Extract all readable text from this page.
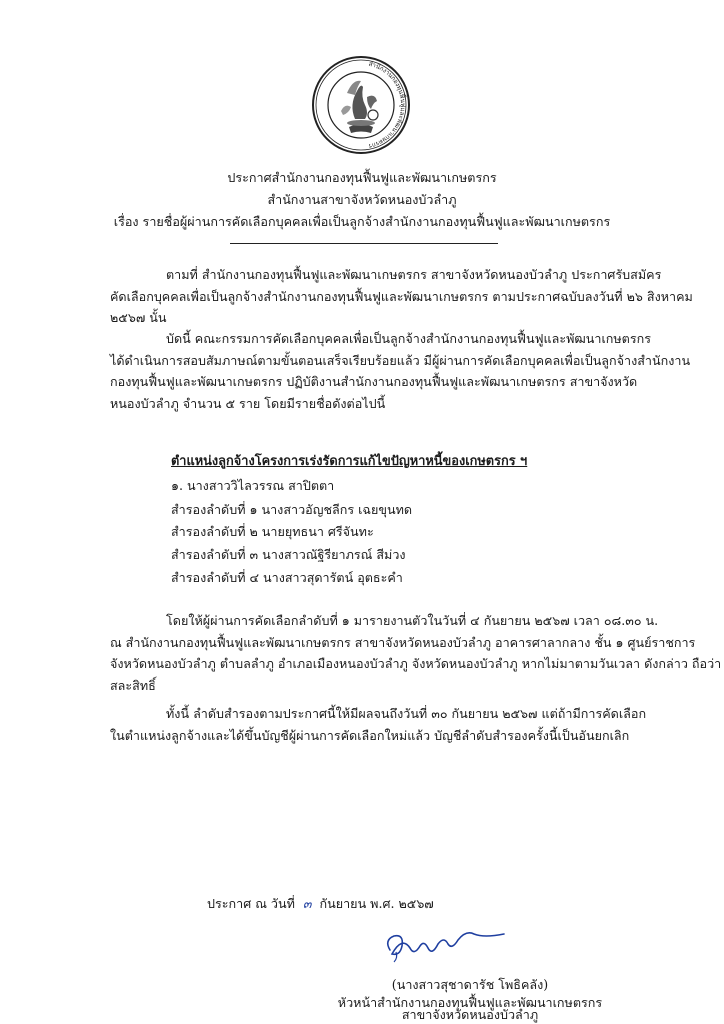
สำนักงานกองทุนฟื้นฟูและพัฒนาเกษตรกร
ประกาศสำนักงานกองทุนฟื้นฟูและพัฒนาเกษตรกร
สำนักงานสาขาจังหวัดหนองบัวลำภู
เรื่อง รายชื่อผู้ผ่านการคัดเลือกบุคคลเพื่อเป็นลูกจ้างสำนักงานกองทุนฟื้นฟูและพัฒนาเกษตรกร

ตามที่ สำนักงานกองทุนฟื้นฟูและพัฒนาเกษตรกร สาขาจังหวัดหนองบัวลำภู ประกาศรับสมัคร
คัดเลือกบุคคลเพื่อเป็นลูกจ้างสำนักงานกองทุนฟื้นฟูและพัฒนาเกษตรกร ตามประกาศฉบับลงวันที่ ๒๖ สิงหาคม
๒๕๖๗ นั้น

บัดนี้ คณะกรรมการคัดเลือกบุคคลเพื่อเป็นลูกจ้างสำนักงานกองทุนฟื้นฟูและพัฒนาเกษตรกร
ได้ดำเนินการสอบสัมภาษณ์ตามขั้นตอนเสร็จเรียบร้อยแล้ว มีผู้ผ่านการคัดเลือกบุคคลเพื่อเป็นลูกจ้างสำนักงาน
กองทุนฟื้นฟูและพัฒนาเกษตรกร ปฏิบัติงานสำนักงานกองทุนฟื้นฟูและพัฒนาเกษตรกร สาขาจังหวัด
หนองบัวลำภู จำนวน ๕ ราย โดยมีรายชื่อดังต่อไปนี้

ตำแหน่งลูกจ้างโครงการเร่งรัดการแก้ไขปัญหาหนี้ของเกษตรกร ฯ
๑. นางสาววิไลวรรณ สาปิตตา
สำรองลำดับที่ ๑ นางสาวอัญชลีกร เฉยขุนทด
สำรองลำดับที่ ๒ นายยุทธนา ศรีจันทะ
สำรองลำดับที่ ๓ นางสาวณัฐิรียาภรณ์ สีม่วง
สำรองลำดับที่ ๔ นางสาวสุดารัตน์ อุตธะคำ

โดยให้ผู้ผ่านการคัดเลือกลำดับที่ ๑ มารายงานตัวในวันที่ ๔ กันยายน ๒๕๖๗ เวลา ๐๘.๓๐ น.
ณ สำนักงานกองทุนฟื้นฟูและพัฒนาเกษตรกร สาขาจังหวัดหนองบัวลำภู อาคารศาลากลาง ชั้น ๑ ศูนย์ราชการ
จังหวัดหนองบัวลำภู ตำบลลำภู อำเภอเมืองหนองบัวลำภู จังหวัดหนองบัวลำภู หากไม่มาตามวันเวลา ดังกล่าว ถือว่า
สละสิทธิ์

ทั้งนี้ ลำดับสำรองตามประกาศนี้ให้มีผลจนถึงวันที่ ๓๐ กันยายน ๒๕๖๗ แต่ถ้ามีการคัดเลือก
ในตำแหน่งลูกจ้างและได้ขึ้นบัญชีผู้ผ่านการคัดเลือกใหม่แล้ว บัญชีลำดับสำรองครั้งนี้เป็นอันยกเลิก

ประกาศ ณ วันที่ ๓ กันยายน พ.ศ. ๒๕๖๗
(นางสาวสุชาดารัช โพธิคลัง)
หัวหน้าสำนักงานกองทุนฟื้นฟูและพัฒนาเกษตรกร
สาขาจังหวัดหนองบัวลำภู
